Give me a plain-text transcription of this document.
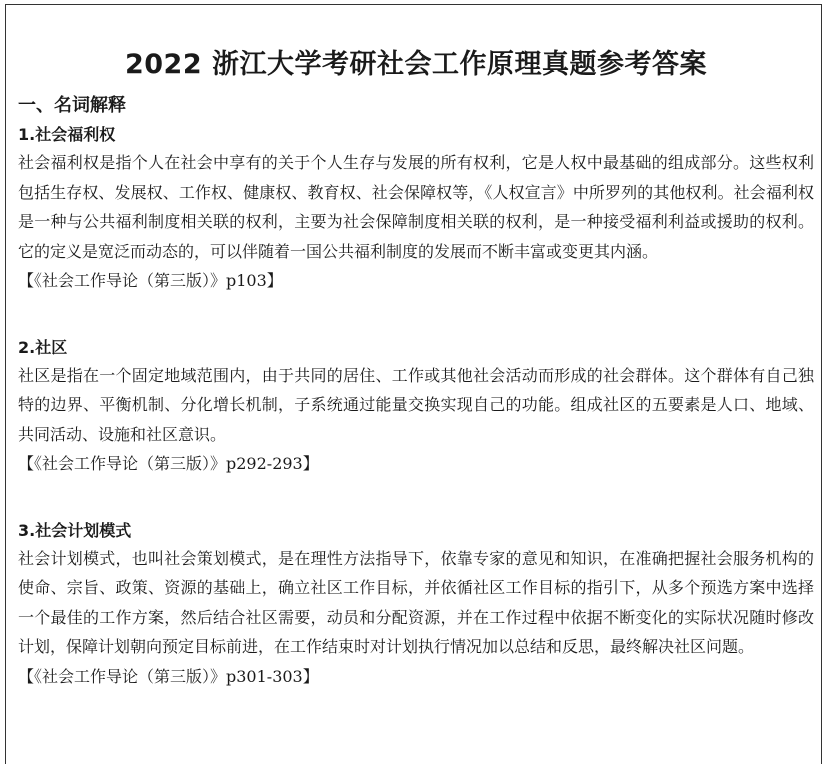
2022 浙江大学考研社会工作原理真题参考答案
一、名词解释
1.社会福利权

社会福利权是指个人在社会中享有的关于个人生存与发展的所有权利，它是人权中最基础的组成部分。这些权利包括生存权、发展权、工作权、健康权、教育权、社会保障权等，《人权宣言》中所罗列的其他权利。社会福利权是一种与公共福利制度相关联的权利，主要为社会保障制度相关联的权利，是一种接受福利利益或援助的权利。它的定义是宽泛而动态的，可以伴随着一国公共福利制度的发展而不断丰富或变更其内涵。

【《社会工作导论（第三版）》p103】
2.社区

社区是指在一个固定地域范围内，由于共同的居住、工作或其他社会活动而形成的社会群体。这个群体有自己独特的边界、平衡机制、分化增长机制，子系统通过能量交换实现自己的功能。组成社区的五要素是人口、地域、共同活动、设施和社区意识。

【《社会工作导论（第三版）》p292-293】
3.社会计划模式

社会计划模式，也叫社会策划模式，是在理性方法指导下，依靠专家的意见和知识，在准确把握社会服务机构的使命、宗旨、政策、资源的基础上，确立社区工作目标，并依循社区工作目标的指引下，从多个预选方案中选择一个最佳的工作方案，然后结合社区需要，动员和分配资源，并在工作过程中依据不断变化的实际状况随时修改计划，保障计划朝向预定目标前进，在工作结束时对计划执行情况加以总结和反思，最终解决社区问题。

【《社会工作导论（第三版）》p301-303】
